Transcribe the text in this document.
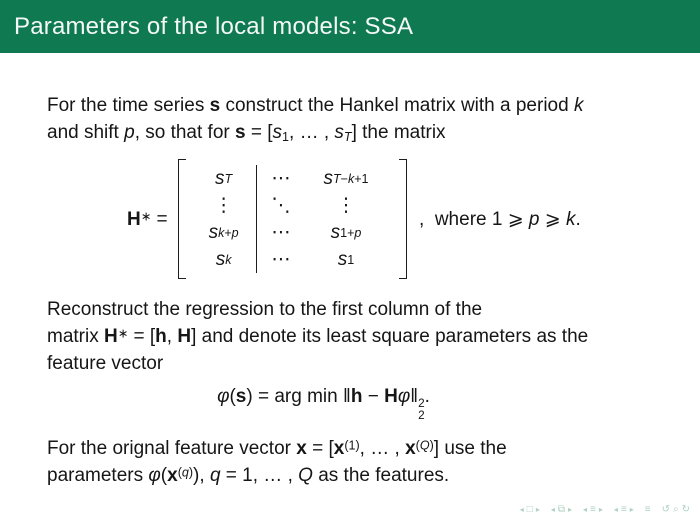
Parameters of the local models: SSA

For the time series s construct the Hankel matrix with a period k
and shift p, so that for $s = [s_1$, … , $s_T$] the matrix

H∗ =
s T
⋮
s k+p
s k
⋯
⋱
⋯
⋯
s T−k+1
⋮
s 1+p
s 1
,  where 1 ⩾ p ⩾ k.

Reconstruct the regression to the first column of the
matrix H∗ = [h, H] and denote its least square parameters as the
feature vector

φ(s) = arg min ‖h − Hφ‖ 2
2
.

For the orignal feature vector $x = [x^{(1)}$, … , $x^{(Q)}$] use the
parameters $\varphi(x^{(q)})$, q = 1, … , Q as the features.

◂ □ ▸ ◂ ⧉ ▸ ◂ ≡ ▸ ◂ ≡ ▸ ≡ ↺ ⌕ ↻
